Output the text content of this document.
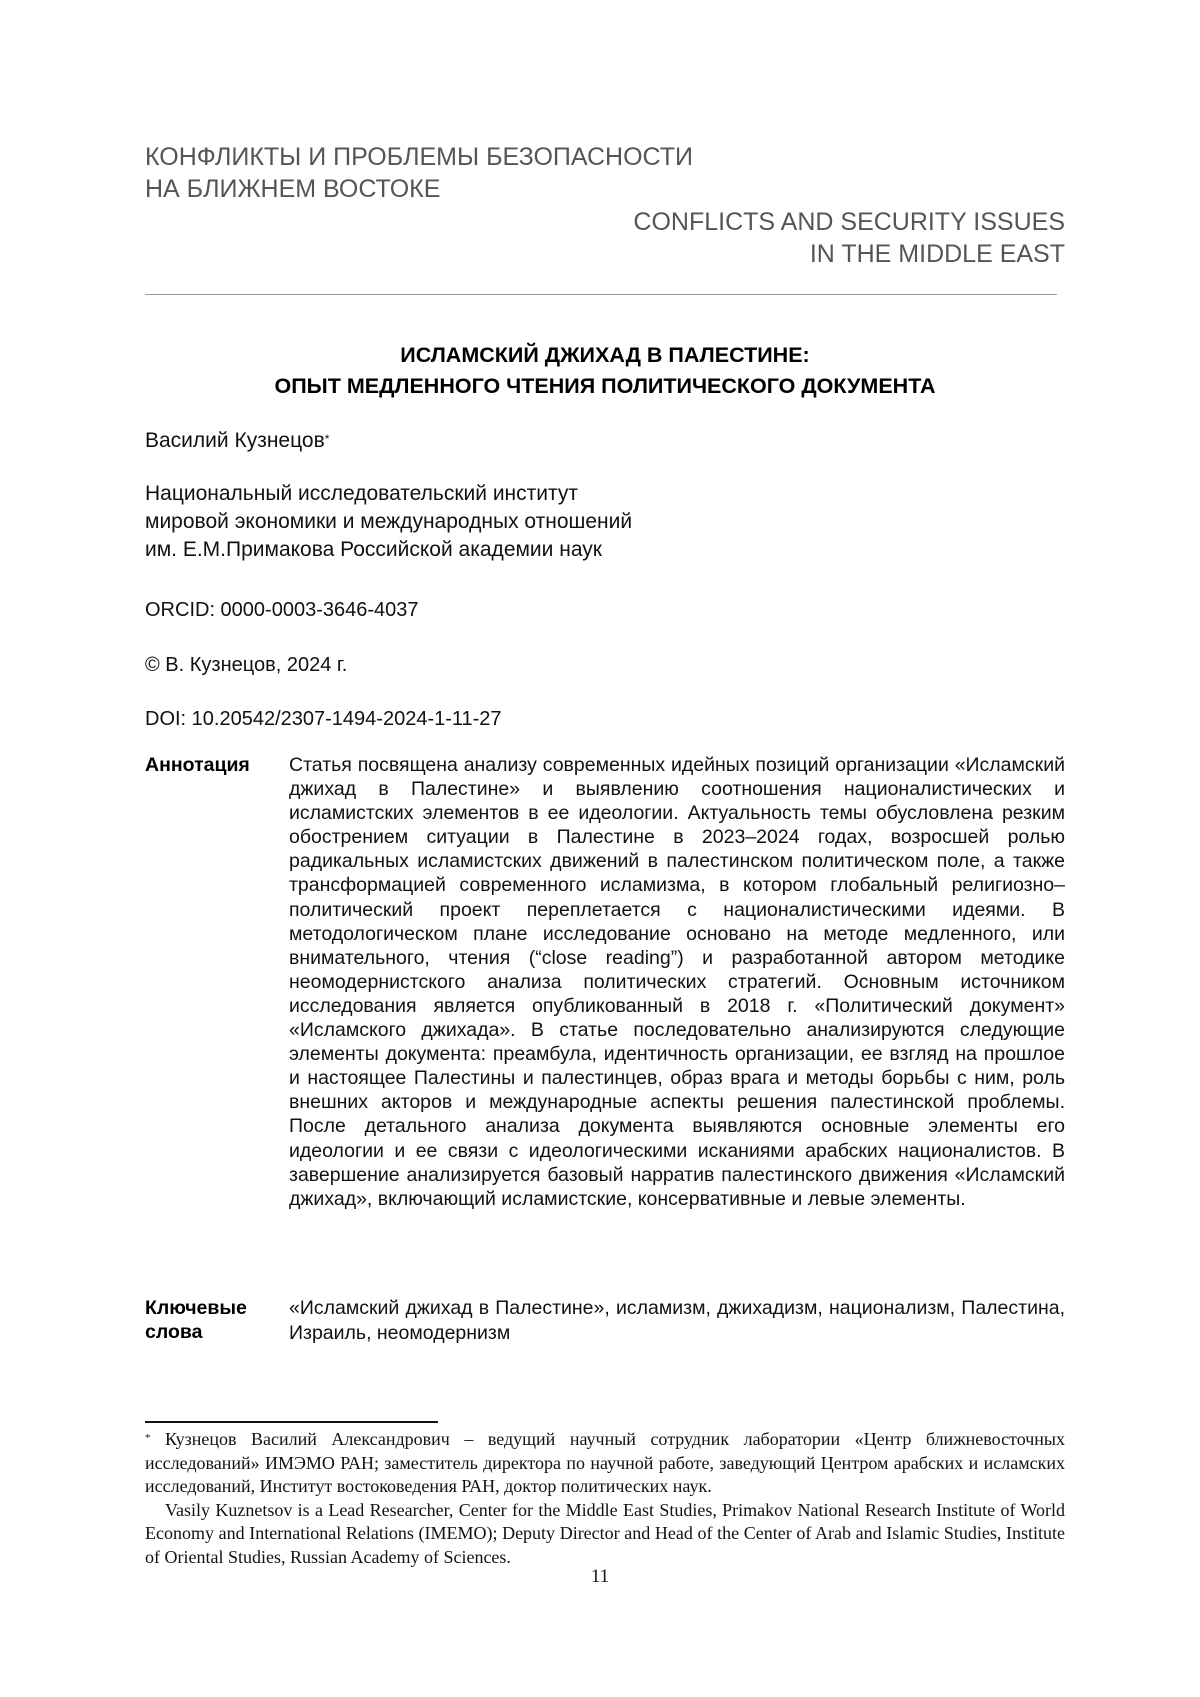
КОНФЛИКТЫ И ПРОБЛЕМЫ БЕЗОПАСНОСТИ
НА БЛИЖНЕМ ВОСТОКЕ
CONFLICTS AND SECURITY ISSUES
IN THE MIDDLE EAST
ИСЛАМСКИЙ ДЖИХАД В ПАЛЕСТИНЕ:
ОПЫТ МЕДЛЕННОГО ЧТЕНИЯ ПОЛИТИЧЕСКОГО ДОКУМЕНТА
Василий Кузнецов*
Национальный исследовательский институт
мировой экономики и международных отношений
им. Е.М.Примакова Российской академии наук
ORCID: 0000-0003-3646-4037
© В. Кузнецов, 2024 г.
DOI: 10.20542/2307-1494-2024-1-11-27
Аннотация Статья посвящена анализу современных идейных позиций организации «Исламский джихад в Палестине» и выявлению соотношения националистических и исламистских элементов в ее идеологии. Актуальность темы обусловлена резким обострением ситуации в Палестине в 2023–2024 годах, возросшей ролью радикальных исламистских движений в палестинском политическом поле, а также трансформацией современного исламизма, в котором глобальный религиозно–политический проект переплетается с националистическими идеями. В методологическом плане исследование основано на методе медленного, или внимательного, чтения (“close reading”) и разработанной автором методике неомодернистского анализа политических стратегий. Основным источником исследования является опубликованный в 2018 г. «Политический документ» «Исламского джихада». В статье последовательно анализируются следующие элементы документа: преамбула, идентичность организации, ее взгляд на прошлое и настоящее Палестины и палестинцев, образ врага и методы борьбы с ним, роль внешних акторов и международные аспекты решения палестинской проблемы. После детального анализа документа выявляются основные элементы его идеологии и ее связи с идеологическими исканиями арабских националистов. В завершение анализируется базовый нарратив палестинского движения «Исламский джихад», включающий исламистские, консервативные и левые элементы.
Ключевые
слова
«Исламский джихад в Палестине», исламизм, джихадизм, национализм, Палестина, Израиль, неомодернизм

* Кузнецов Василий Александрович – ведущий научный сотрудник лаборатории «Центр ближневосточных исследований» ИМЭМО РАН; заместитель директора по научной работе, заведующий Центром арабских и исламских исследований, Институт востоковедения РАН, доктор политических наук.

Vasily Kuznetsov is a Lead Researcher, Center for the Middle East Studies, Primakov National Research Institute of World Economy and International Relations (IMEMO); Deputy Director and Head of the Center of Arab and Islamic Studies, Institute of Oriental Studies, Russian Academy of Sciences.

11
